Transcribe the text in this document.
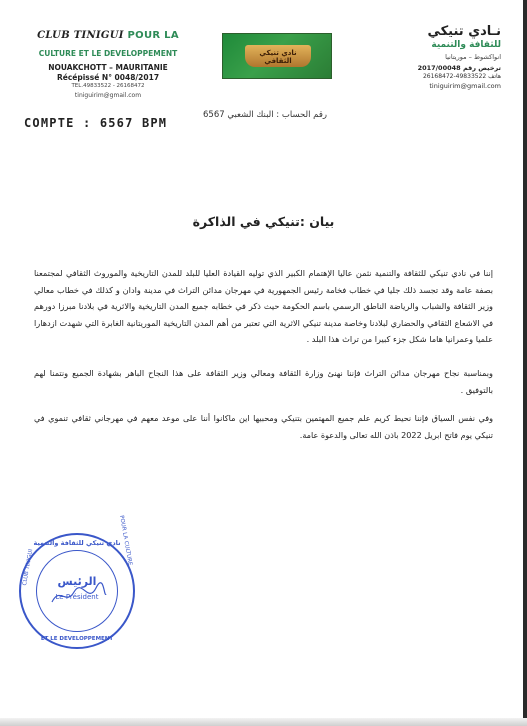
CLUB TINIGUI POUR LA
CULTURE ET LE DEVELOPPEMENT
NOUAKCHOTT – MAURITANIE
Récépissé N° 0048/2017
TEL.49833522 - 26168472
tiniguirim@gmail.com
COMPTE : 6567 BPM
نادي تنيكي الثقافي
نـادي تنيكي
للثقافة والتنمية
انواكشوط – موريتانيا
ترخيص رقم 2017/00048
هاتف 49833522-26168472
tiniguirim@gmail.com
رقم الحساب : البنك الشعبي 6567
بيان :تنيكي في الذاكرة

إننا في نادي تنيكي للثقافة والتنمية نثمن عاليا الإهتمام الكبير الذي توليه القيادة العليا للبلد للمدن التاريخية والموروث الثقافي لمجتمعنا بصفة عامة وقد تجسد ذلك جليا في خطاب فخامة رئيس الجمهورية في مهرجان مدائن التراث في مدينة وادان و كذلك في خطاب معالي وزير الثقافة والشباب والرياضة الناطق الرسمي باسم الحكومة حيث ذكر في خطابه جميع المدن التاريخية والاثرية في بلادنا مبرزا دورهم في الاشعاع الثقافي والحضاري لبلادنا وخاصة مدينة تنيكي الاثرية التي تعتبر من أهم المدن التاريخية الموريتانية الغابرة التي شهدت ازدهارا علميا وعمرانيا هاما شكل جزء كبيرا من تراث هذا البلد .

وبمناسبة نجاح مهرجان مدائن التراث فإننا نهنئ وزارة الثقافة ومعالي وزير الثقافة على هذا النجاح الباهر بشهادة الجميع ونتمنا لهم بالتوفيق .

وفي نفس السياق فإننا نحيط كريم علم جميع المهتمين بتنيكي ومحبيها اين ماكانوا أننا على موعد معهم في مهرجاني ثقافي تنموي في تنيكي يوم فاتح ابريل 2022 باذن الله تعالى والدعوة عامة.

نادي تنيكي للثقافة والتنمية
CLUB TINIGUI
POUR LA CULTURE
الرئيس
Le Président
ET LE DEVELOPPEMENT
